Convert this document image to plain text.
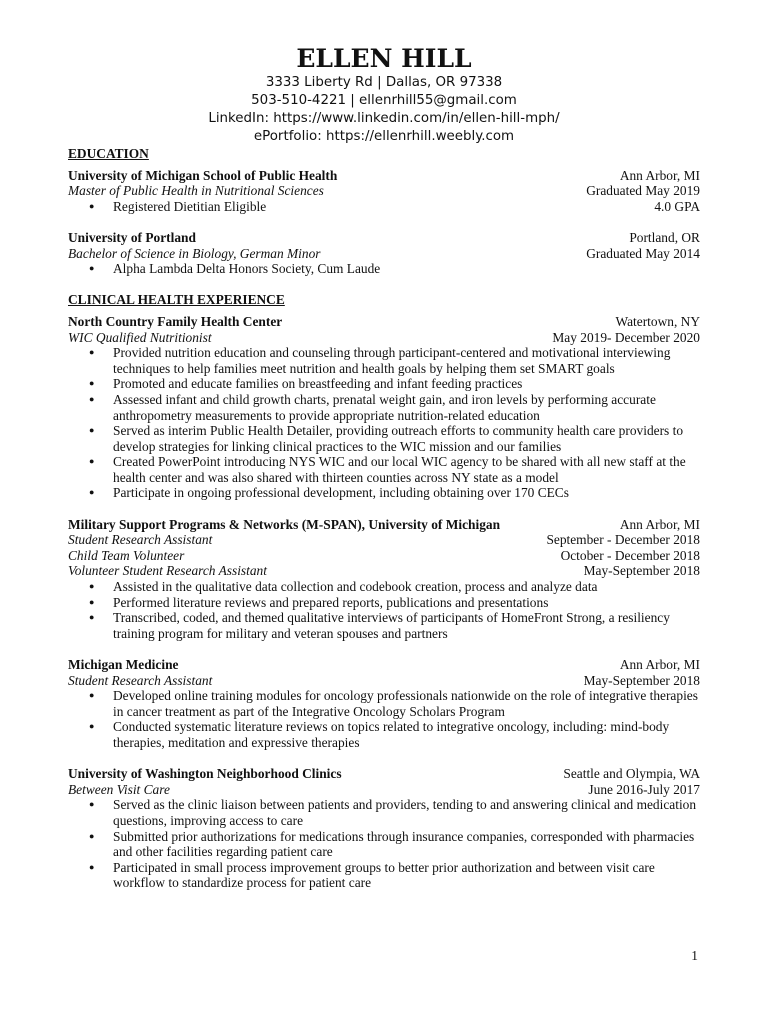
ELLEN HILL
3333 Liberty Rd | Dallas, OR 97338
503-510-4221 | ellenrhill55@gmail.com
LinkedIn: https://www.linkedin.com/in/ellen-hill-mph/
ePortfolio: https://ellenrhill.weebly.com
EDUCATION
University of Michigan School of Public Health	Ann Arbor, MI
Master of Public Health in Nutritional Sciences	Graduated May 2019
● Registered Dietitian Eligible	4.0 GPA
University of Portland	Portland, OR
Bachelor of Science in Biology, German Minor	Graduated May 2014
● Alpha Lambda Delta Honors Society, Cum Laude
CLINICAL HEALTH EXPERIENCE
North Country Family Health Center	Watertown, NY
WIC Qualified Nutritionist	May 2019- December 2020
● Provided nutrition education and counseling through participant-centered and motivational interviewing techniques to help families meet nutrition and health goals by helping them set SMART goals
● Promoted and educate families on breastfeeding and infant feeding practices
● Assessed infant and child growth charts, prenatal weight gain, and iron levels by performing accurate anthropometry measurements to provide appropriate nutrition-related education
● Served as interim Public Health Detailer, providing outreach efforts to community health care providers to develop strategies for linking clinical practices to the WIC mission and our families
● Created PowerPoint introducing NYS WIC and our local WIC agency to be shared with all new staff at the health center and was also shared with thirteen counties across NY state as a model
● Participate in ongoing professional development, including obtaining over 170 CECs
Military Support Programs & Networks (M-SPAN), University of Michigan	Ann Arbor, MI
Student Research Assistant	September - December 2018
Child Team Volunteer	October - December 2018
Volunteer Student Research Assistant	May-September 2018
● Assisted in the qualitative data collection and codebook creation, process and analyze data
● Performed literature reviews and prepared reports, publications and presentations
● Transcribed, coded, and themed qualitative interviews of participants of HomeFront Strong, a resiliency training program for military and veteran spouses and partners
Michigan Medicine	Ann Arbor, MI
Student Research Assistant	May-September 2018
● Developed online training modules for oncology professionals nationwide on the role of integrative therapies in cancer treatment as part of the Integrative Oncology Scholars Program
● Conducted systematic literature reviews on topics related to integrative oncology, including: mind-body therapies, meditation and expressive therapies
University of Washington Neighborhood Clinics	Seattle and Olympia, WA
Between Visit Care	June 2016-July 2017
● Served as the clinic liaison between patients and providers, tending to and answering clinical and medication questions, improving access to care
● Submitted prior authorizations for medications through insurance companies, corresponded with pharmacies and other facilities regarding patient care
● Participated in small process improvement groups to better prior authorization and between visit care workflow to standardize process for patient care
1
